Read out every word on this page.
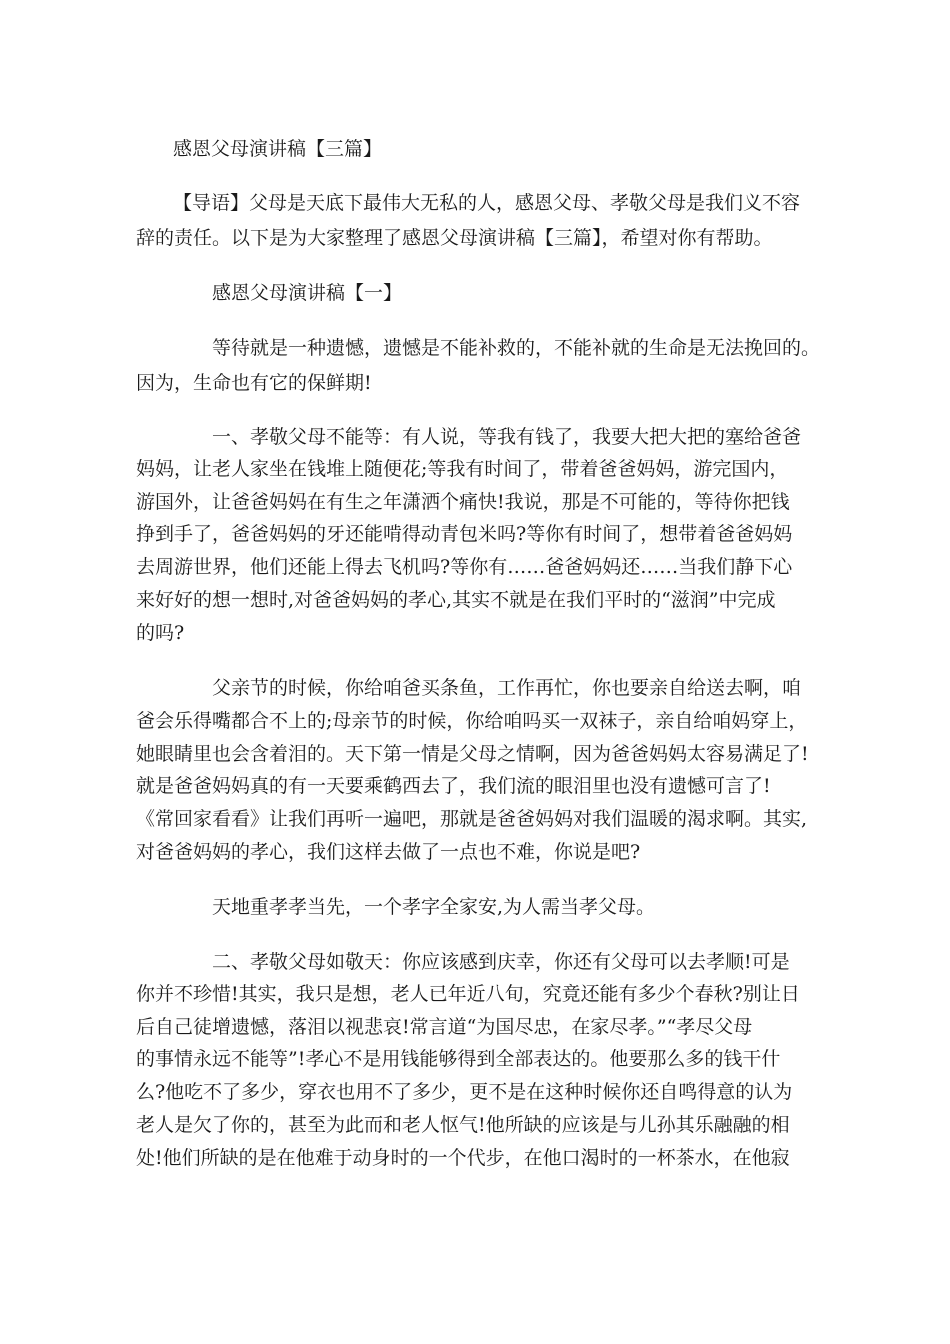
感恩父母演讲稿【三篇】
【导语】父母是天底下最伟大无私的人，感恩父母、孝敬父母是我们义不容
辞的责任。以下是为大家整理了感恩父母演讲稿【三篇】，希望对你有帮助。
感恩父母演讲稿【一】
等待就是一种遗憾，遗憾是不能补救的，不能补就的生命是无法挽回的。
因为，生命也有它的保鲜期!
一、孝敬父母不能等：有人说，等我有钱了，我要大把大把的塞给爸爸
妈妈，让老人家坐在钱堆上随便花;等我有时间了，带着爸爸妈妈，游完国内，
游国外，让爸爸妈妈在有生之年潇洒个痛快!我说，那是不可能的，等待你把钱
挣到手了，爸爸妈妈的牙还能啃得动青包米吗?等你有时间了，想带着爸爸妈妈
去周游世界，他们还能上得去飞机吗?等你有……爸爸妈妈还……当我们静下心
来好好的想一想时,对爸爸妈妈的孝心,其实不就是在我们平时的“滋润”中完成
的吗?
父亲节的时候，你给咱爸买条鱼，工作再忙，你也要亲自给送去啊，咱
爸会乐得嘴都合不上的;母亲节的时候，你给咱吗买一双袜子，亲自给咱妈穿上，
她眼睛里也会含着泪的。天下第一情是父母之情啊，因为爸爸妈妈太容易满足了!
就是爸爸妈妈真的有一天要乘鹤西去了，我们流的眼泪里也没有遗憾可言了!
《常回家看看》让我们再听一遍吧，那就是爸爸妈妈对我们温暖的渴求啊。其实,
对爸爸妈妈的孝心，我们这样去做了一点也不难，你说是吧?
天地重孝孝当先，一个孝字全家安,为人需当孝父母。
二、孝敬父母如敬天：你应该感到庆幸，你还有父母可以去孝顺!可是
你并不珍惜!其实，我只是想，老人已年近八旬，究竟还能有多少个春秋?别让日
后自己徒增遗憾，落泪以视悲哀!常言道“为国尽忠，在家尽孝。”“孝尽父母
的事情永远不能等”!孝心不是用钱能够得到全部表达的。他要那么多的钱干什
么?他吃不了多少，穿衣也用不了多少，更不是在这种时候你还自鸣得意的认为
老人是欠了你的，甚至为此而和老人怄气!他所缺的应该是与儿孙其乐融融的相
处!他们所缺的是在他难于动身时的一个代步，在他口渴时的一杯茶水，在他寂
